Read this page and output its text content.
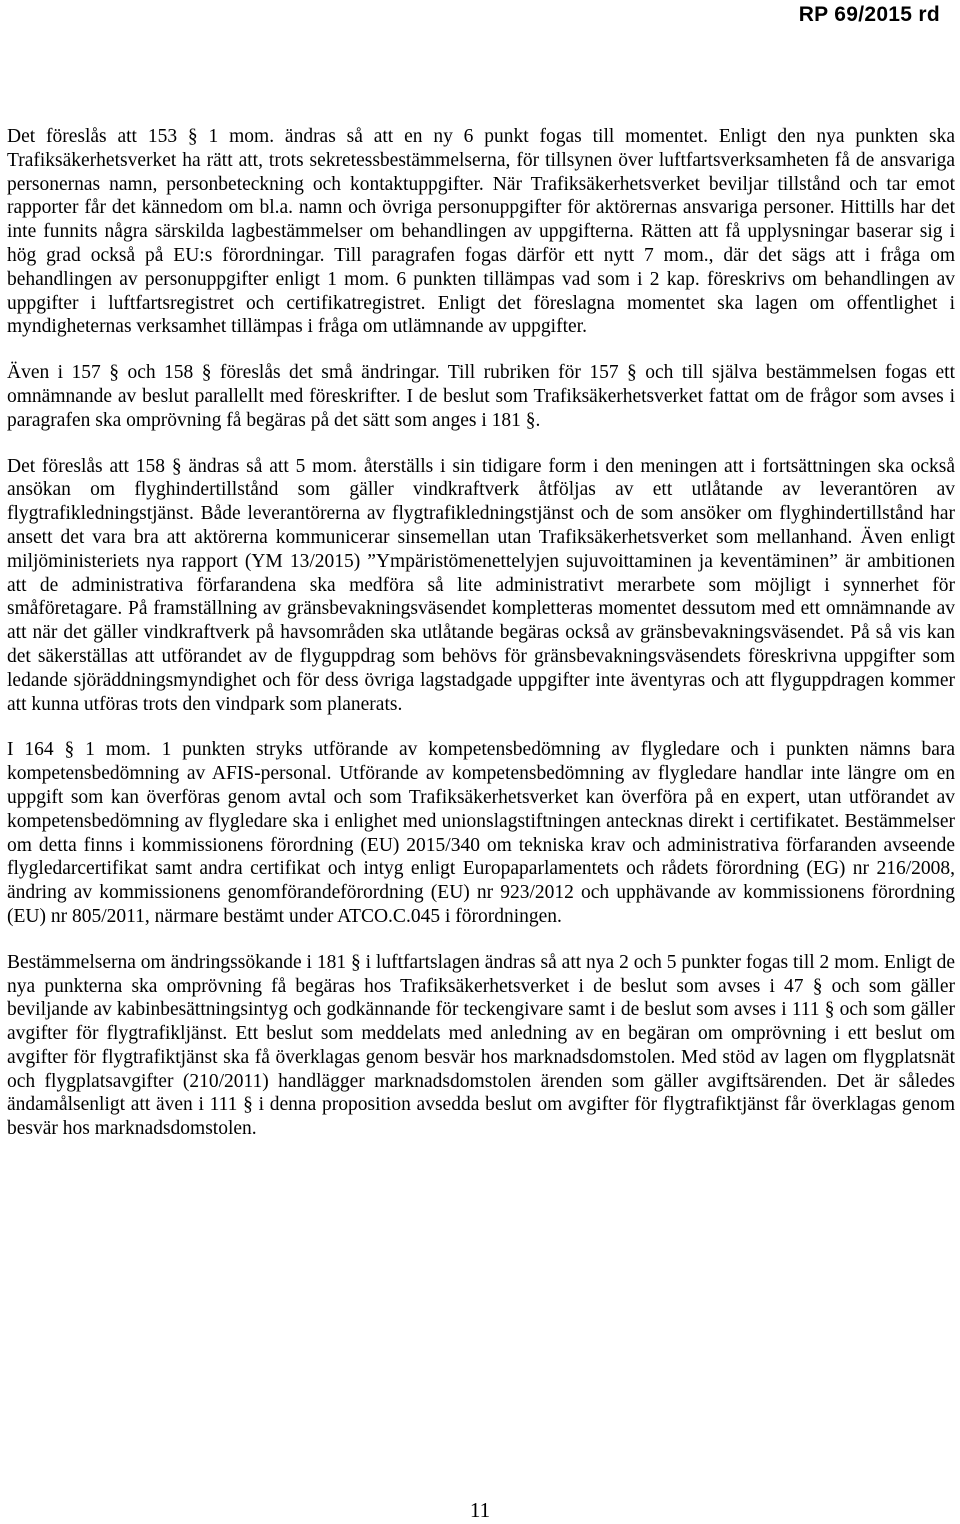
RP 69/2015 rd

Det föreslås att 153 § 1 mom. ändras så att en ny 6 punkt fogas till momentet. Enligt den nya punkten ska Trafiksäkerhetsverket ha rätt att, trots sekretessbestämmelserna, för tillsynen över luftfartsverksamheten få de ansvariga personernas namn, personbeteckning och kontaktuppgifter. När Trafiksäkerhetsverket beviljar tillstånd och tar emot rapporter får det kännedom om bl.a. namn och övriga personuppgifter för aktörernas ansvariga personer. Hittills har det inte funnits några särskilda lagbestämmelser om behandlingen av uppgifterna. Rätten att få upplysningar baserar sig i hög grad också på EU:s förordningar. Till paragrafen fogas därför ett nytt 7 mom., där det sägs att i fråga om behandlingen av personuppgifter enligt 1 mom. 6 punkten tillämpas vad som i 2 kap. föreskrivs om behandlingen av uppgifter i luftfartsregistret och certifikatregistret. Enligt det föreslagna momentet ska lagen om offentlighet i myndigheternas verksamhet tillämpas i fråga om utlämnande av uppgifter.

Även i 157 § och 158 § föreslås det små ändringar. Till rubriken för 157 § och till själva bestämmelsen fogas ett omnämnande av beslut parallellt med föreskrifter. I de beslut som Trafiksäkerhetsverket fattat om de frågor som avses i paragrafen ska omprövning få begäras på det sätt som anges i 181 §.

Det föreslås att 158 § ändras så att 5 mom. återställs i sin tidigare form i den meningen att i fortsättningen ska också ansökan om flyghindertillstånd som gäller vindkraftverk åtföljas av ett utlåtande av leverantören av flygtrafikledningstjänst. Både leverantörerna av flygtrafikledningstjänst och de som ansöker om flyghindertillstånd har ansett det vara bra att aktörerna kommunicerar sinsemellan utan Trafiksäkerhetsverket som mellanhand. Även enligt miljöministeriets nya rapport (YM 13/2015) ”Ympäristömenettelyjen sujuvoittaminen ja keventäminen” är ambitionen att de administrativa förfarandena ska medföra så lite administrativt merarbete som möjligt i synnerhet för småföretagare. På framställning av gränsbevakningsväsendet kompletteras momentet dessutom med ett omnämnande av att när det gäller vindkraftverk på havsområden ska utlåtande begäras också av gränsbevakningsväsendet. På så vis kan det säkerställas att utförandet av de flyguppdrag som behövs för gränsbevakningsväsendets föreskrivna uppgifter som ledande sjöräddningsmyndighet och för dess övriga lagstadgade uppgifter inte äventyras och att flyguppdragen kommer att kunna utföras trots den vindpark som planerats.

I 164 § 1 mom. 1 punkten stryks utförande av kompetensbedömning av flygledare och i punkten nämns bara kompetensbedömning av AFIS-personal. Utförande av kompetensbedömning av flygledare handlar inte längre om en uppgift som kan överföras genom avtal och som Trafiksäkerhetsverket kan överföra på en expert, utan utförandet av kompetensbedömning av flygledare ska i enlighet med unionslagstiftningen antecknas direkt i certifikatet. Bestämmelser om detta finns i kommissionens förordning (EU) 2015/340 om tekniska krav och administrativa förfaranden avseende flygledarcertifikat samt andra certifikat och intyg enligt Europaparlamentets och rådets förordning (EG) nr 216/2008, ändring av kommissionens genomförandeförordning (EU) nr 923/2012 och upphävande av kommissionens förordning (EU) nr 805/2011, närmare bestämt under ATCO.C.045 i förordningen.

Bestämmelserna om ändringssökande i 181 § i luftfartslagen ändras så att nya 2 och 5 punkter fogas till 2 mom. Enligt de nya punkterna ska omprövning få begäras hos Trafiksäkerhetsverket i de beslut som avses i 47 § och som gäller beviljande av kabinbesättningsintyg och godkännande för teckengivare samt i de beslut som avses i 111 § och som gäller avgifter för flygtrafikljänst. Ett beslut som meddelats med anledning av en begäran om omprövning i ett beslut om avgifter för flygtrafiktjänst ska få överklagas genom besvär hos marknadsdomstolen. Med stöd av lagen om flygplatsnät och flygplatsavgifter (210/2011) handlägger marknadsdomstolen ärenden som gäller avgiftsärenden. Det är således ändamålsenligt att även i 111 § i denna proposition avsedda beslut om avgifter för flygtrafiktjänst får överklagas genom besvär hos marknadsdomstolen.

11
